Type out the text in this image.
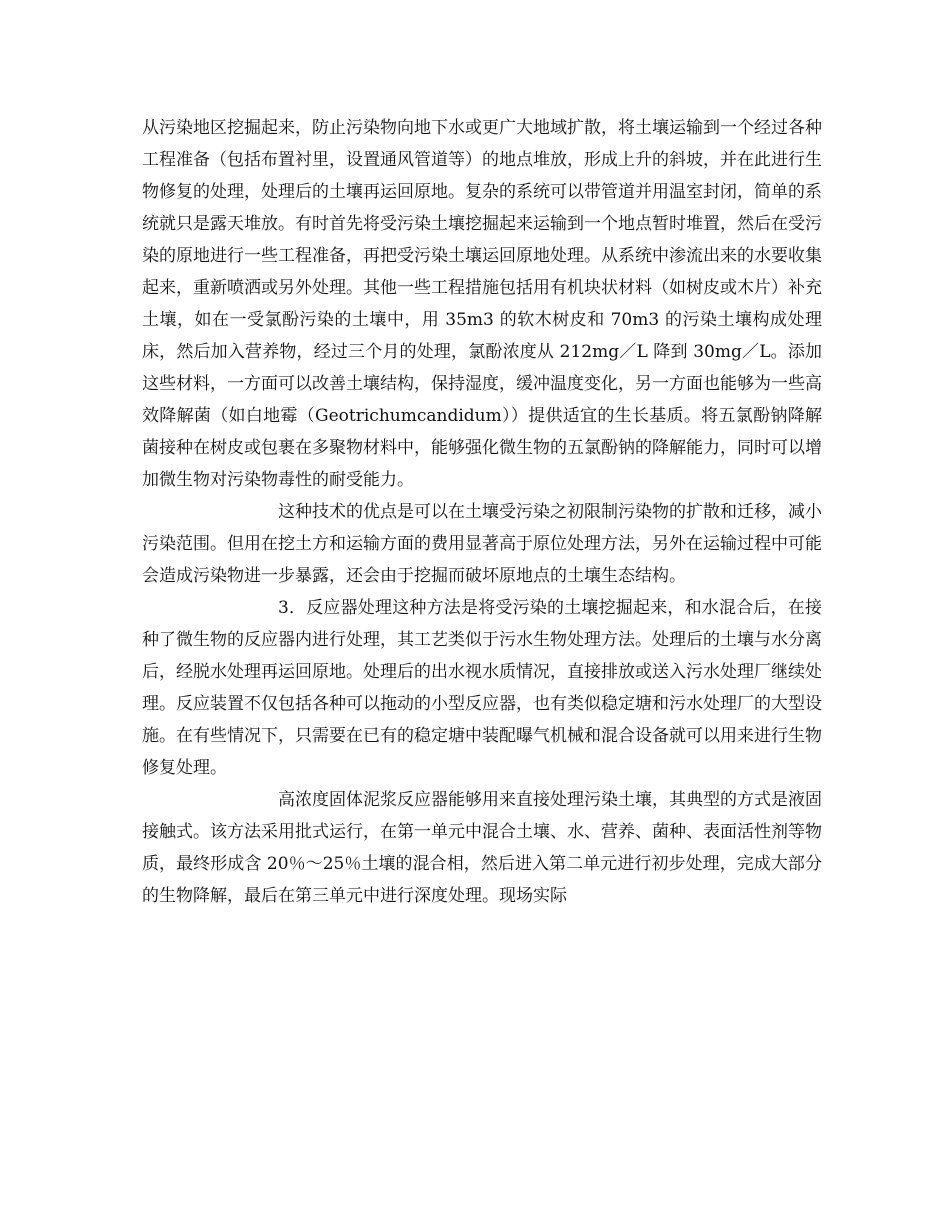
从污染地区挖掘起来，防止污染物向地下水或更广大地域扩散，将土壤运输到一个经过各种工程准备（包括布置衬里，设置通风管道等）的地点堆放，形成上升的斜坡，并在此进行生物修复的处理，处理后的土壤再运回原地。复杂的系统可以带管道并用温室封闭，简单的系统就只是露天堆放。有时首先将受污染土壤挖掘起来运输到一个地点暂时堆置，然后在受污染的原地进行一些工程准备，再把受污染土壤运回原地处理。从系统中渗流出来的水要收集起来，重新喷洒或另外处理。其他一些工程措施包括用有机块状材料（如树皮或木片）补充土壤，如在一受氯酚污染的土壤中，用 35m3 的软木树皮和 70m3 的污染土壤构成处理床，然后加入营养物，经过三个月的处理，氯酚浓度从 212mg／L 降到 30mg／L。添加这些材料，一方面可以改善土壤结构，保持湿度，缓冲温度变化，另一方面也能够为一些高效降解菌（如白地霉（Geotrichumcandidum））提供适宜的生长基质。将五氯酚钠降解菌接种在树皮或包裹在多聚物材料中，能够强化微生物的五氯酚钠的降解能力，同时可以增加微生物对污染物毒性的耐受能力。

这种技术的优点是可以在土壤受污染之初限制污染物的扩散和迁移，减小污染范围。但用在挖土方和运输方面的费用显著高于原位处理方法，另外在运输过程中可能会造成污染物进一步暴露，还会由于挖掘而破坏原地点的土壤生态结构。

3．反应器处理这种方法是将受污染的土壤挖掘起来，和水混合后，在接种了微生物的反应器内进行处理，其工艺类似于污水生物处理方法。处理后的土壤与水分离后，经脱水处理再运回原地。处理后的出水视水质情况，直接排放或送入污水处理厂继续处理。反应装置不仅包括各种可以拖动的小型反应器，也有类似稳定塘和污水处理厂的大型设施。在有些情况下，只需要在已有的稳定塘中装配曝气机械和混合设备就可以用来进行生物修复处理。

高浓度固体泥浆反应器能够用来直接处理污染土壤，其典型的方式是液固接触式。该方法采用批式运行，在第一单元中混合土壤、水、营养、菌种、表面活性剂等物质，最终形成含 20％～25％土壤的混合相，然后进入第二单元进行初步处理，完成大部分的生物降解，最后在第三单元中进行深度处理。现场实际
